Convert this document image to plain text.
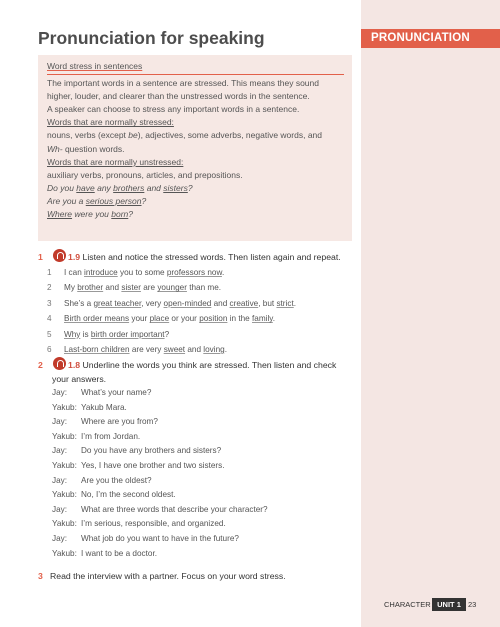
PRONUNCIATION
Pronunciation for speaking
Word stress in sentences
The important words in a sentence are stressed. This means they sound
higher, louder, and clearer than the unstressed words in the sentence.
A speaker can choose to stress any important words in a sentence.
Words that are normally stressed:
nouns, verbs (except be), adjectives, some adverbs, negative words, and
Wh- question words.
Words that are normally unstressed:
auxiliary verbs, pronouns, articles, and prepositions.
Do you have any brothers and sisters?
Are you a serious person?
Where were you born?
1	1.9 Listen and notice the stressed words. Then listen again and repeat.
1	I can introduce you to some professors now.
2	My brother and sister are younger than me.
3	She’s a great teacher, very open-minded and creative, but strict.
4	Birth order means your place or your position in the family.
5	Why is birth order important?
6	Last-born children are very sweet and loving.
2	1.8 Underline the words you think are stressed. Then listen and check
your answers.
Jay:	What’s your name?
Yakub: Yakub Mara.
Jay:	Where are you from?
Yakub: I’m from Jordan.
Jay:	Do you have any brothers and sisters?
Yakub: Yes, I have one brother and two sisters.
Jay:	Are you the oldest?
Yakub: No, I’m the second oldest.
Jay:	What are three words that describe your character?
Yakub: I’m serious, responsible, and organized.
Jay:	What job do you want to have in the future?
Yakub: I want to be a doctor.
3 Read the interview with a partner. Focus on your word stress.
CHARACTER UNIT 1 23
